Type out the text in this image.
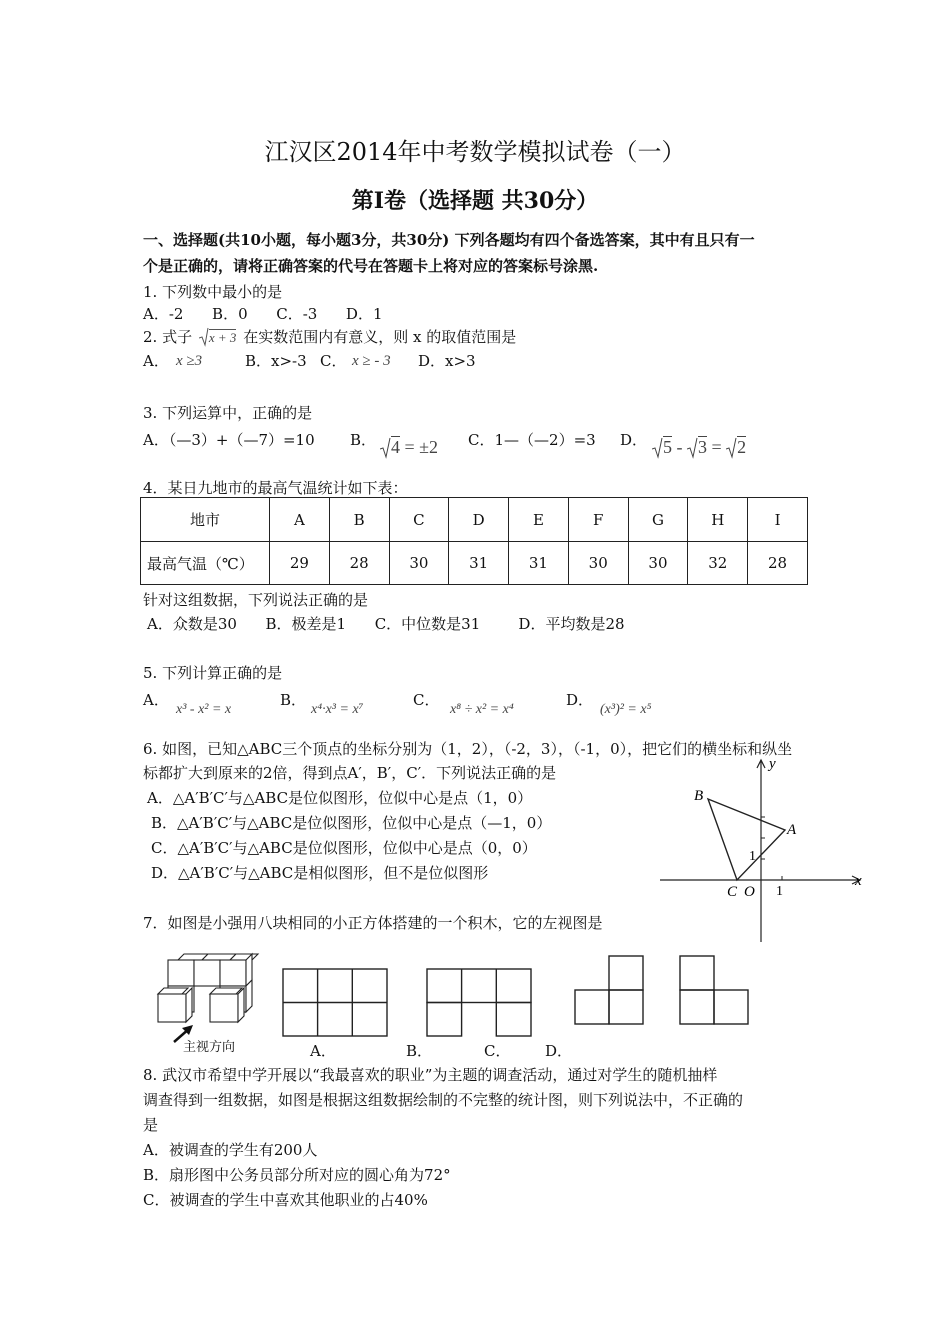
江汉区2014年中考数学模拟试卷（一）
第I卷（选择题 共30分）
一、选择题(共10小题，每小题3分，共30分) 下列各题均有四个备选答案，其中有且只有一
个是正确的，请将正确答案的代号在答题卡上将对应的答案标号涂黑.
1. 下列数中最小的是
A．-2      B．0      C．-3      D．1
2. 式子 x + 3 在实数范围内有意义，则 x 的取值范围是
A． x ≥3	B．x>-3 C． x ≥ - 3 D．x>3
3. 下列运算中，正确的是
A．（—3）+（—7）=10 B． 4 = ±2 C．1—（—2）=3 D． 5 - 3 = 2
4．某日九地市的最高气温统计如下表：
地市	A	B	C	D	E	F	G	H	I
最高气温（℃）	29	28	30	31	31	30	30	32	28
针对这组数据，下列说法正确的是
A．众数是30      B．极差是1      C．中位数是31        D．平均数是28
5. 下列计算正确的是
A．
x³ - x² = x
B．
x⁴·x³ = x⁷
C．
x⁸ ÷ x² = x⁴
D．
(x³)² = x⁵
6. 如图，已知△ABC三个顶点的坐标分别为（1，2），（-2，3），（-1，0），把它们的横坐标和纵坐
标都扩大到原来的2倍，得到点A′，B′，C′．下列说法正确的是
A．△A′B′C′与△ABC是位似图形，位似中心是点（1，0）
B．△A′B′C′与△ABC是位似图形，位似中心是点（—1，0）
C．△A′B′C′与△ABC是位似图形，位似中心是点（0，0）
D．△A′B′C′与△ABC是相似图形，但不是位似图形
B
A
C O 1
1
x
y
7．如图是小强用八块相同的小正方体搭建的一个积木，它的左视图是
主视方向	A．	B．	C． D．
8. 武汉市希望中学开展以“我最喜欢的职业”为主题的调查活动，通过对学生的随机抽样
调查得到一组数据，如图是根据这组数据绘制的不完整的统计图，则下列说法中，不正确的
是
A．被调查的学生有200人
B．扇形图中公务员部分所对应的圆心角为72°
C．被调查的学生中喜欢其他职业的占40%
